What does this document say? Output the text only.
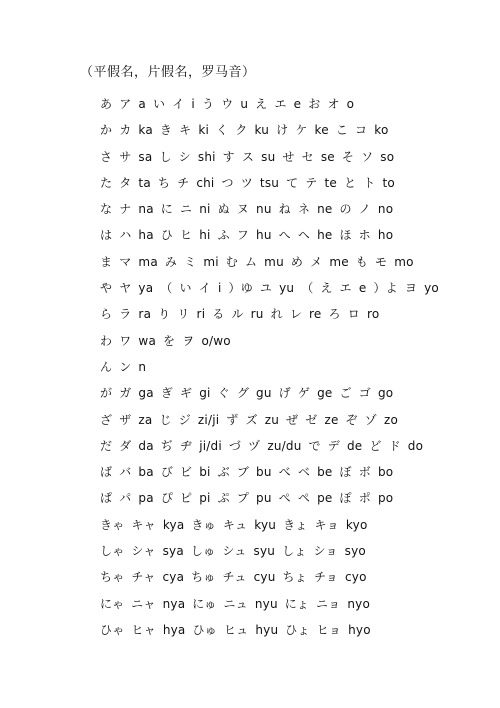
（平假名，片假名，罗马音）
あ ア a い イ i う ウ u え エ e お オ o
か カ ka き キ ki く ク ku け ケ ke こ コ ko
さ サ sa し シ shi す ス su せ セ se そ ソ so
た タ ta ち チ chi つ ツ tsu て テ te と ト to
な ナ na に ニ ni ぬ ヌ nu ね ネ ne の ノ no
は ハ ha ひ ヒ hi ふ フ hu へ ヘ he ほ ホ ho
ま マ ma み ミ mi む ム mu め メ me も モ mo
や ヤ ya （ い イ i ）ゆ ユ yu （ え エ e ）よ ヨ yo
ら ラ ra り リ ri る ル ru れ レ re ろ ロ ro
わ ワ wa を ヲ o/wo
ん ン n
が ガ ga ぎ ギ gi ぐ グ gu げ ゲ ge ご ゴ go
ざ ザ za じ ジ zi/ji ず ズ zu ぜ ゼ ze ぞ ゾ zo
だ ダ da ぢ ヂ ji/di づ ヅ zu/du で デ de ど ド do
ば バ ba び ビ bi ぶ ブ bu べ ベ be ぼ ボ bo
ぱ パ pa ぴ ピ pi ぷ プ pu ぺ ペ pe ぽ ポ po
きゃ キャ kya きゅ キュ kyu きょ キョ kyo
しゃ シャ sya しゅ シュ syu しょ ショ syo
ちゃ チャ cya ちゅ チュ cyu ちょ チョ cyo
にゃ ニャ nya にゅ ニュ nyu にょ ニョ nyo
ひゃ ヒャ hya ひゅ ヒュ hyu ひょ ヒョ hyo
